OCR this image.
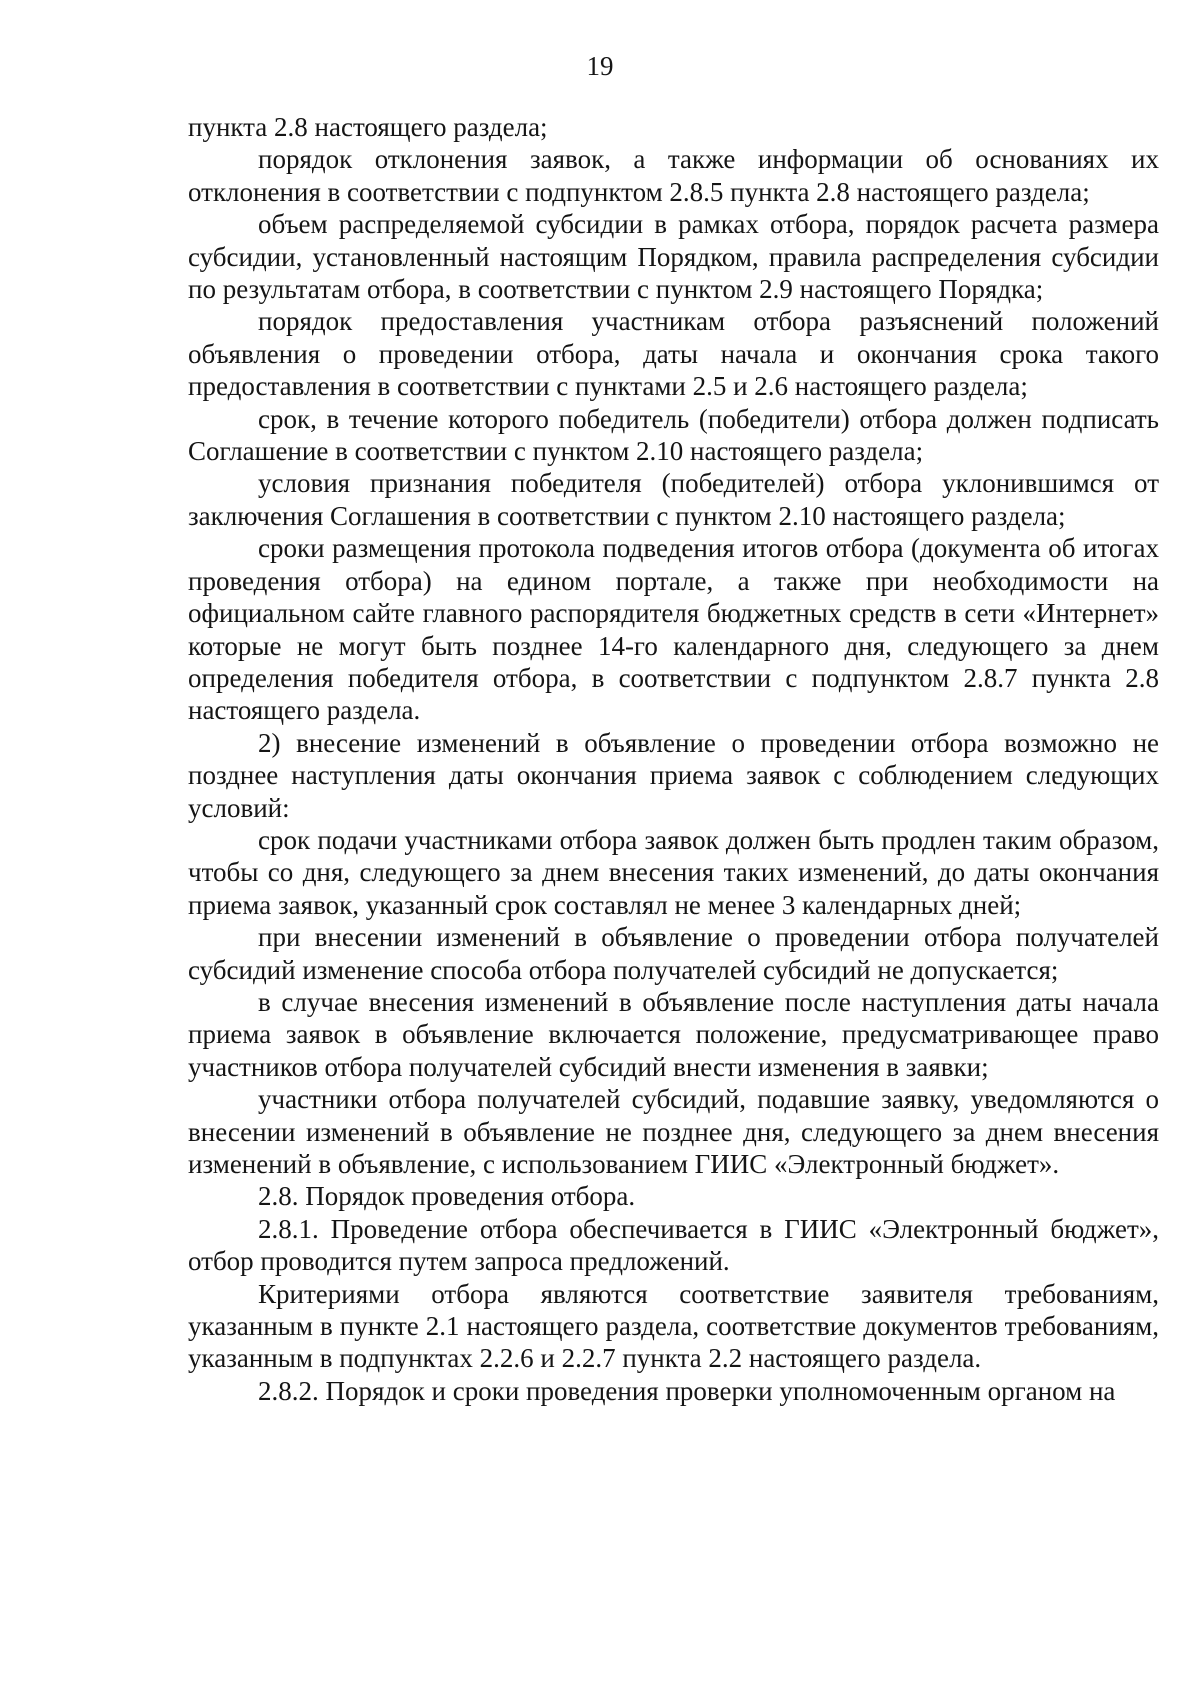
19

пункта 2.8 настоящего раздела;

порядок отклонения заявок, а также информации об основаниях их отклонения в соответствии с подпунктом 2.8.5 пункта 2.8 настоящего раздела;

объем распределяемой субсидии в рамках отбора, порядок расчета размера субсидии, установленный настоящим Порядком, правила распределения субсидии по результатам отбора, в соответствии с пунктом 2.9 настоящего Порядка;

порядок предоставления участникам отбора разъяснений положений объявления о проведении отбора, даты начала и окончания срока такого предоставления в соответствии с пунктами 2.5 и 2.6 настоящего раздела;

срок, в течение которого победитель (победители) отбора должен подписать Соглашение в соответствии с пунктом 2.10 настоящего раздела;

условия признания победителя (победителей) отбора уклонившимся от заключения Соглашения в соответствии с пунктом 2.10 настоящего раздела;

сроки размещения протокола подведения итогов отбора (документа об итогах проведения отбора) на едином портале, а также при необходимости на официальном сайте главного распорядителя бюджетных средств в сети «Интернет» которые не могут быть позднее 14-го календарного дня, следующего за днем определения победителя отбора, в соответствии с подпунктом 2.8.7 пункта 2.8 настоящего раздела.

2) внесение изменений в объявление о проведении отбора возможно не позднее наступления даты окончания приема заявок с соблюдением следующих условий:

срок подачи участниками отбора заявок должен быть продлен таким образом, чтобы со дня, следующего за днем внесения таких изменений, до даты окончания приема заявок, указанный срок составлял не менее 3 календарных дней;

при внесении изменений в объявление о проведении отбора получателей субсидий изменение способа отбора получателей субсидий не допускается;

в случае внесения изменений в объявление после наступления даты начала приема заявок в объявление включается положение, предусматривающее право участников отбора получателей субсидий внести изменения в заявки;

участники отбора получателей субсидий, подавшие заявку, уведомляются о внесении изменений в объявление не позднее дня, следующего за днем внесения изменений в объявление, с использованием ГИИС «Электронный бюджет».

2.8. Порядок проведения отбора.

2.8.1. Проведение отбора обеспечивается в ГИИС «Электронный бюджет», отбор проводится путем запроса предложений.

Критериями отбора являются соответствие заявителя требованиям, указанным в пункте 2.1 настоящего раздела, соответствие документов требованиям, указанным в подпунктах 2.2.6 и 2.2.7 пункта 2.2 настоящего раздела.

2.8.2. Порядок и сроки проведения проверки уполномоченным органом на
